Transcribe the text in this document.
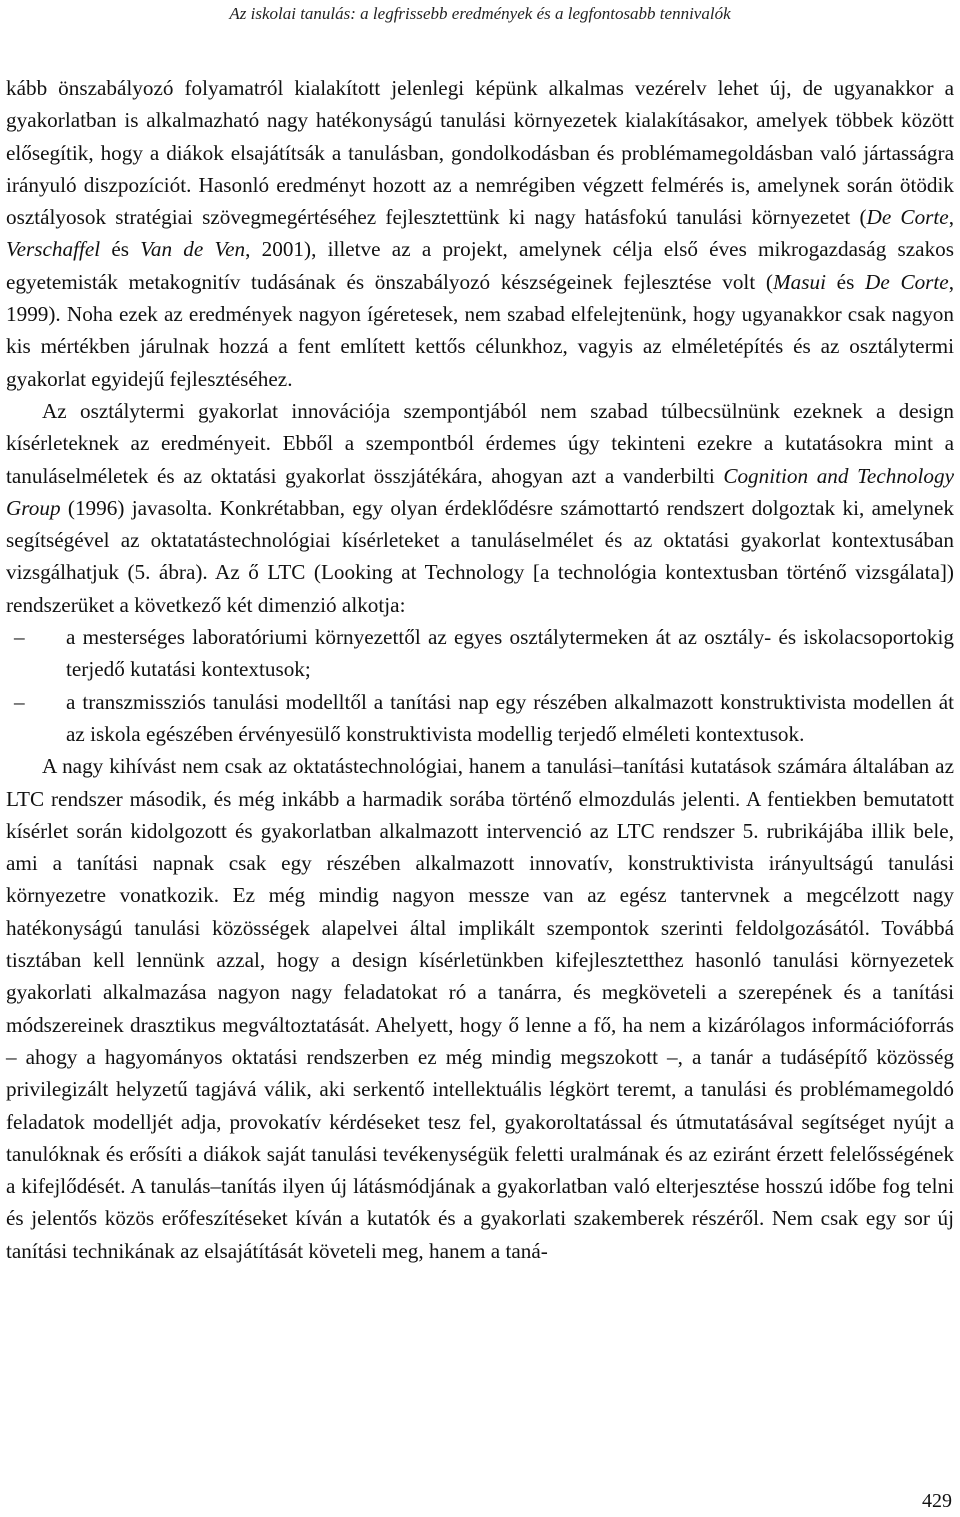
Az iskolai tanulás: a legfrissebb eredmények és a legfontosabb tennivalók

kább önszabályozó folyamatról kialakított jelenlegi képünk alkalmas vezérelv lehet új, de ugyanakkor a gyakorlatban is alkalmazható nagy hatékonyságú tanulási környezetek kialakításakor, amelyek többek között elősegítik, hogy a diákok elsajátítsák a tanulásban, gondolkodásban és problémamegoldásban való jártasságra irányuló diszpozíciót. Hasonló eredményt hozott az a nemrégiben végzett felmérés is, amelynek során ötödik osztályosok stratégiai szövegmegértéséhez fejlesztettünk ki nagy hatásfokú tanulási környezetet (De Corte, Verschaffel és Van de Ven, 2001), illetve az a projekt, amelynek célja első éves mikrogazdaság szakos egyetemisták metakognitív tudásának és önszabályozó készségeinek fejlesztése volt (Masui és De Corte, 1999). Noha ezek az eredmények nagyon ígéretesek, nem szabad elfelejtenünk, hogy ugyanakkor csak nagyon kis mértékben járulnak hozzá a fent említett kettős célunkhoz, vagyis az elméletépítés és az osztálytermi gyakorlat egyidejű fejlesztéséhez.

Az osztálytermi gyakorlat innovációja szempontjából nem szabad túlbecsülnünk ezeknek a design kísérleteknek az eredményeit. Ebből a szempontból érdemes úgy tekinteni ezekre a kutatásokra mint a tanuláselméletek és az oktatási gyakorlat összjátékára, ahogyan azt a vanderbilti Cognition and Technology Group (1996) javasolta. Konkrétabban, egy olyan érdeklődésre számottartó rendszert dolgoztak ki, amelynek segítségével az oktatatástechnológiai kísérleteket a tanuláselmélet és az oktatási gyakorlat kontextusában vizsgálhatjuk (5. ábra). Az ő LTC (Looking at Technology [a technológia kontextusban történő vizsgálata]) rendszerüket a következő két dimenzió alkotja:

– a mesterséges laboratóriumi környezettől az egyes osztálytermeken át az osztály- és iskolacsoportokig terjedő kutatási kontextusok;
– a transzmissziós tanulási modelltől a tanítási nap egy részében alkalmazott konstruktivista modellen át az iskola egészében érvényesülő konstruktivista modellig terjedő elméleti kontextusok.

A nagy kihívást nem csak az oktatástechnológiai, hanem a tanulási–tanítási kutatások számára általában az LTC rendszer második, és még inkább a harmadik sorába történő elmozdulás jelenti. A fentiekben bemutatott kísérlet során kidolgozott és gyakorlatban alkalmazott intervenció az LTC rendszer 5. rubrikájába illik bele, ami a tanítási napnak csak egy részében alkalmazott innovatív, konstruktivista irányultságú tanulási környezetre vonatkozik. Ez még mindig nagyon messze van az egész tantervnek a megcélzott nagy hatékonyságú tanulási közösségek alapelvei által implikált szempontok szerinti feldolgozásától. Továbbá tisztában kell lennünk azzal, hogy a design kísérletünkben kifejlesztetthez hasonló tanulási környezetek gyakorlati alkalmazása nagyon nagy feladatokat ró a tanárra, és megköveteli a szerepének és a tanítási módszereinek drasztikus megváltoztatását. Ahelyett, hogy ő lenne a fő, ha nem a kizárólagos információforrás – ahogy a hagyományos oktatási rendszerben ez még mindig megszokott –, a tanár a tudásépítő közösség privilegizált helyzetű tagjává válik, aki serkentő intellektuális légkört teremt, a tanulási és problémamegoldó feladatok modelljét adja, provokatív kérdéseket tesz fel, gyakoroltatással és útmutatásával segítséget nyújt a tanulóknak és erősíti a diákok saját tanulási tevékenységük feletti uralmának és az eziránt érzett felelősségének a kifejlődését. A tanulás–tanítás ilyen új látásmódjának a gyakorlatban való elterjesztése hosszú időbe fog telni és jelentős közös erőfeszítéseket kíván a kutatók és a gyakorlati szakemberek részéről. Nem csak egy sor új tanítási technikának az elsajátítását követeli meg, hanem a taná-

429
